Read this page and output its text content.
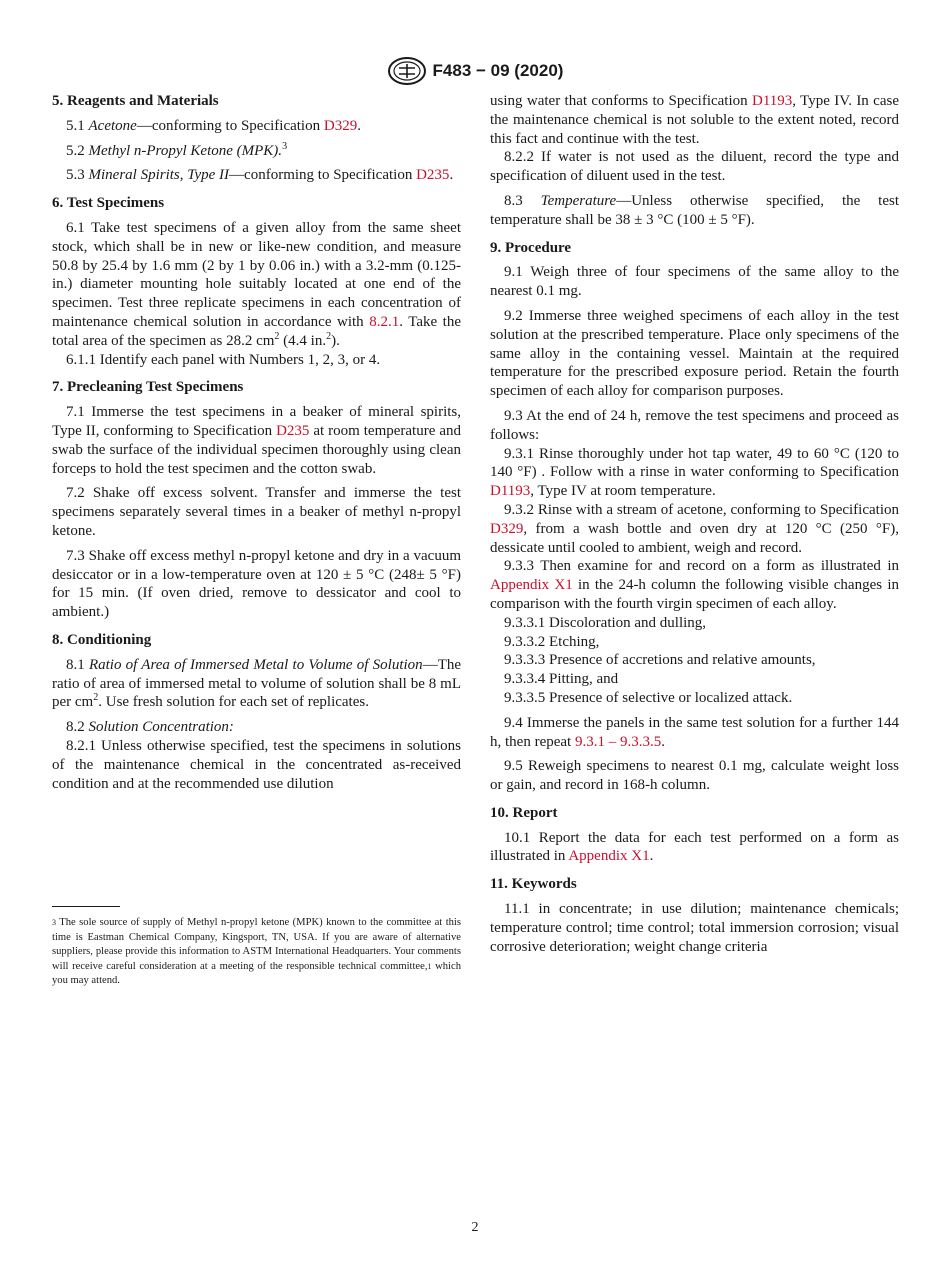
F483 − 09 (2020)
5. Reagents and Materials

5.1 Acetone—conforming to Specification D329.

5.2 Methyl n-Propyl Ketone (MPK).$^3$

5.3 Mineral Spirits, Type II—conforming to Specification D235.

6. Test Specimens

6.1 Take test specimens of a given alloy from the same sheet stock, which shall be in new or like-new condition, and measure 50.8 by 25.4 by 1.6 mm (2 by 1 by 0.06 in.) with a 3.2-mm (0.125-in.) diameter mounting hole suitably located at one end of the specimen. Test three replicate specimens in each concentration of maintenance chemical solution in accordance with 8.2.1. Take the total area of the specimen as 28.2 $cm^2$ (4.4 in.$^2$).

6.1.1 Identify each panel with Numbers 1, 2, 3, or 4.

7. Precleaning Test Specimens

7.1 Immerse the test specimens in a beaker of mineral spirits, Type II, conforming to Specification D235 at room temperature and swab the surface of the individual specimen thoroughly using clean forceps to hold the test specimen and the cotton swab.

7.2 Shake off excess solvent. Transfer and immerse the test specimens separately several times in a beaker of methyl n-propyl ketone.

7.3 Shake off excess methyl n-propyl ketone and dry in a vacuum desiccator or in a low-temperature oven at 120 ± 5 °C (248± 5 °F) for 15 min. (If oven dried, remove to dessicator and cool to ambient.)

8. Conditioning

8.1 Ratio of Area of Immersed Metal to Volume of Solution—The ratio of area of immersed metal to volume of solution shall be 8 mL per $cm^2$. Use fresh solution for each set of replicates.

8.2 Solution Concentration:

8.2.1 Unless otherwise specified, test the specimens in solutions of the maintenance chemical in the concentrated as-received condition and at the recommended use dilution

$^3$ The sole source of supply of Methyl n-propyl ketone (MPK) known to the committee at this time is Eastman Chemical Company, Kingsport, TN, USA. If you are aware of alternative suppliers, please provide this information to ASTM International Headquarters. Your comments will receive careful consideration at a meeting of the responsible technical committee,$^1$ which you may attend.

using water that conforms to Specification D1193, Type IV. In case the maintenance chemical is not soluble to the extent noted, record this fact and continue with the test.

8.2.2 If water is not used as the diluent, record the type and specification of diluent used in the test.

8.3 Temperature—Unless otherwise specified, the test temperature shall be 38 ± 3 °C (100 ± 5 °F).

9. Procedure

9.1 Weigh three of four specimens of the same alloy to the nearest 0.1 mg.

9.2 Immerse three weighed specimens of each alloy in the test solution at the prescribed temperature. Place only specimens of the same alloy in the containing vessel. Maintain at the required temperature for the prescribed exposure period. Retain the fourth specimen of each alloy for comparison purposes.

9.3 At the end of 24 h, remove the test specimens and proceed as follows:

9.3.1 Rinse thoroughly under hot tap water, 49 to 60 °C (120 to 140 °F) . Follow with a rinse in water conforming to Specification D1193, Type IV at room temperature.

9.3.2 Rinse with a stream of acetone, conforming to Specification D329, from a wash bottle and oven dry at 120 °C (250 °F), dessicate until cooled to ambient, weigh and record.

9.3.3 Then examine for and record on a form as illustrated in Appendix X1 in the 24-h column the following visible changes in comparison with the fourth virgin specimen of each alloy.

9.3.3.1 Discoloration and dulling,

9.3.3.2 Etching,

9.3.3.3 Presence of accretions and relative amounts,

9.3.3.4 Pitting, and

9.3.3.5 Presence of selective or localized attack.

9.4 Immerse the panels in the same test solution for a further 144 h, then repeat 9.3.1 – 9.3.3.5.

9.5 Reweigh specimens to nearest 0.1 mg, calculate weight loss or gain, and record in 168-h column.

10. Report

10.1 Report the data for each test performed on a form as illustrated in Appendix X1.

11. Keywords

11.1 in concentrate; in use dilution; maintenance chemicals; temperature control; time control; total immersion corrosion; visual corrosive deterioration; weight change criteria

2
